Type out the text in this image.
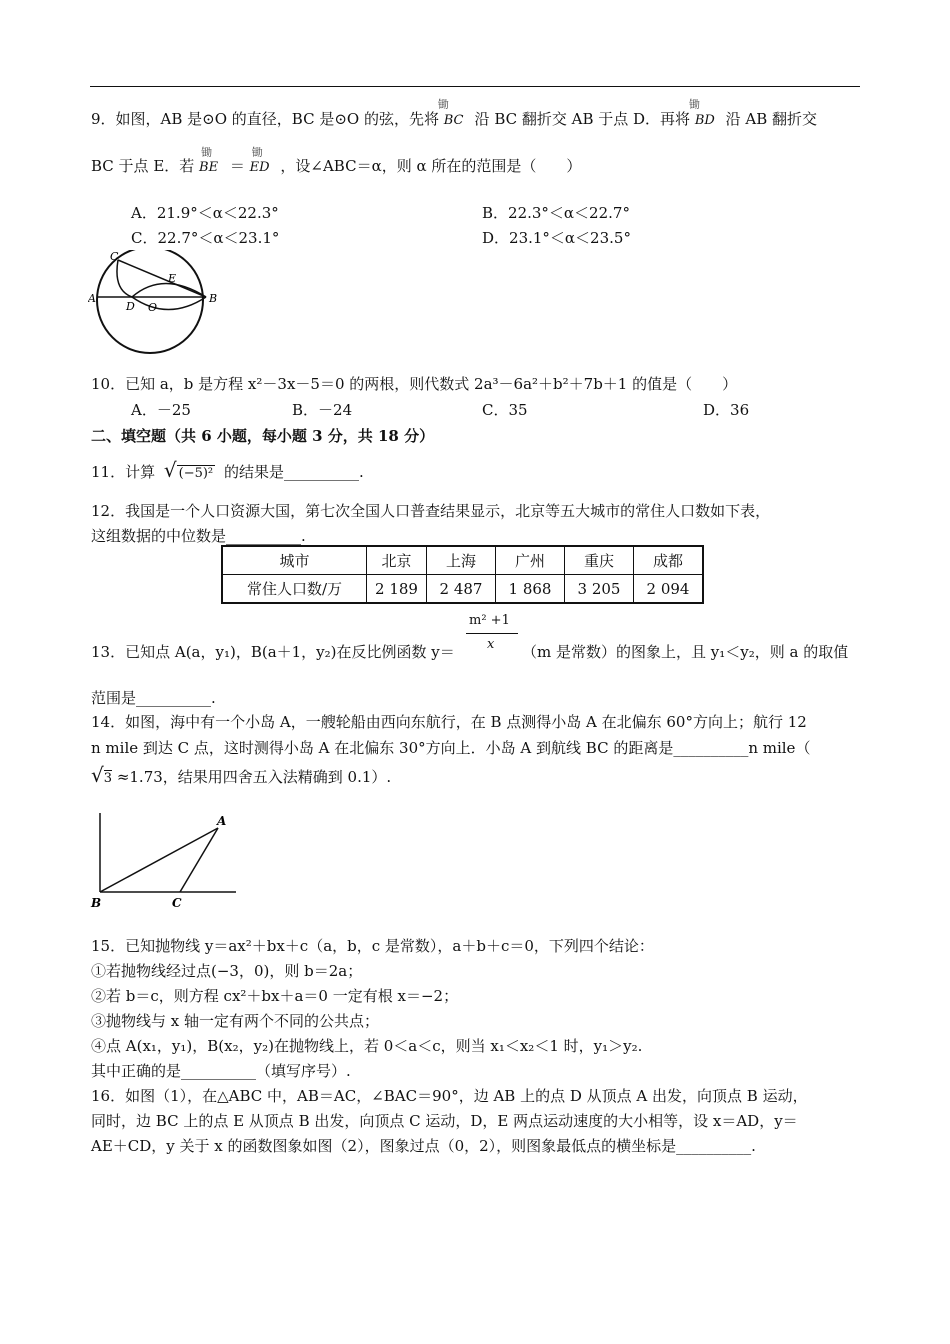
9．如图，AB 是⊙O 的直径，BC 是⊙O 的弦，先将
锄
BC 沿 BC 翻折交 AB 于点 D．再将
锄
BD 沿 AB 翻折交
BC 于点 E．若
锄
BE ＝
锄
ED ，设∠ABC＝α，则 α 所在的范围是（　　）
A．21.9°＜α＜22.3°	B．22.3°＜α＜22.7°
C．22.7°＜α＜23.1°	D．23.1°＜α＜23.5°
A	B
C
D
E
O
10．已知 a，b 是方程 x²－3x－5＝0 的两根，则代数式 2a³－6a²＋b²＋7b＋1 的值是（　　）
A．－25	B．－24	C．35	D．36
二、填空题（共 6 小题，每小题 3 分，共 18 分）
11．计算 √ (−5)² 的结果是__________.
12．我国是一个人口资源大国，第七次全国人口普查结果显示，北京等五大城市的常住人口数如下表，
这组数据的中位数是__________.
城市	北京	上海	广州	重庆	成都
常住人口数/万	2 189	2 487	1 868	3 205	2 094
m² +1
x
13．已知点 A(a，y₁)，B(a＋1，y₂)在反比例函数 y＝	（m 是常数）的图象上，且 y₁＜y₂，则 a 的取值
范围是__________.
14．如图，海中有一个小岛 A，一艘轮船由西向东航行，在 B 点测得小岛 A 在北偏东 60°方向上；航行 12
n mile 到达 C 点，这时测得小岛 A 在北偏东 30°方向上．小岛 A 到航线 BC 的距离是__________n mile（
√3 ≈1.73，结果用四舍五入法精确到 0.1）.
A
B	C
15．已知抛物线 y＝ax²＋bx＋c（a，b，c 是常数），a＋b＋c＝0，下列四个结论：
①若抛物线经过点(−3，0)，则 b＝2a；
②若 b＝c，则方程 cx²＋bx＋a＝0 一定有根 x＝−2；
③抛物线与 x 轴一定有两个不同的公共点；
④点 A(x₁，y₁)，B(x₂，y₂)在抛物线上，若 0＜a＜c，则当 x₁＜x₂＜1 时，y₁＞y₂.
其中正确的是__________（填写序号）.
16．如图（1），在△ABC 中，AB＝AC，∠BAC＝90°，边 AB 上的点 D 从顶点 A 出发，向顶点 B 运动，
同时，边 BC 上的点 E 从顶点 B 出发，向顶点 C 运动，D，E 两点运动速度的大小相等，设 x＝AD，y＝
AE＋CD，y 关于 x 的函数图象如图（2），图象过点（0，2），则图象最低点的横坐标是__________.
